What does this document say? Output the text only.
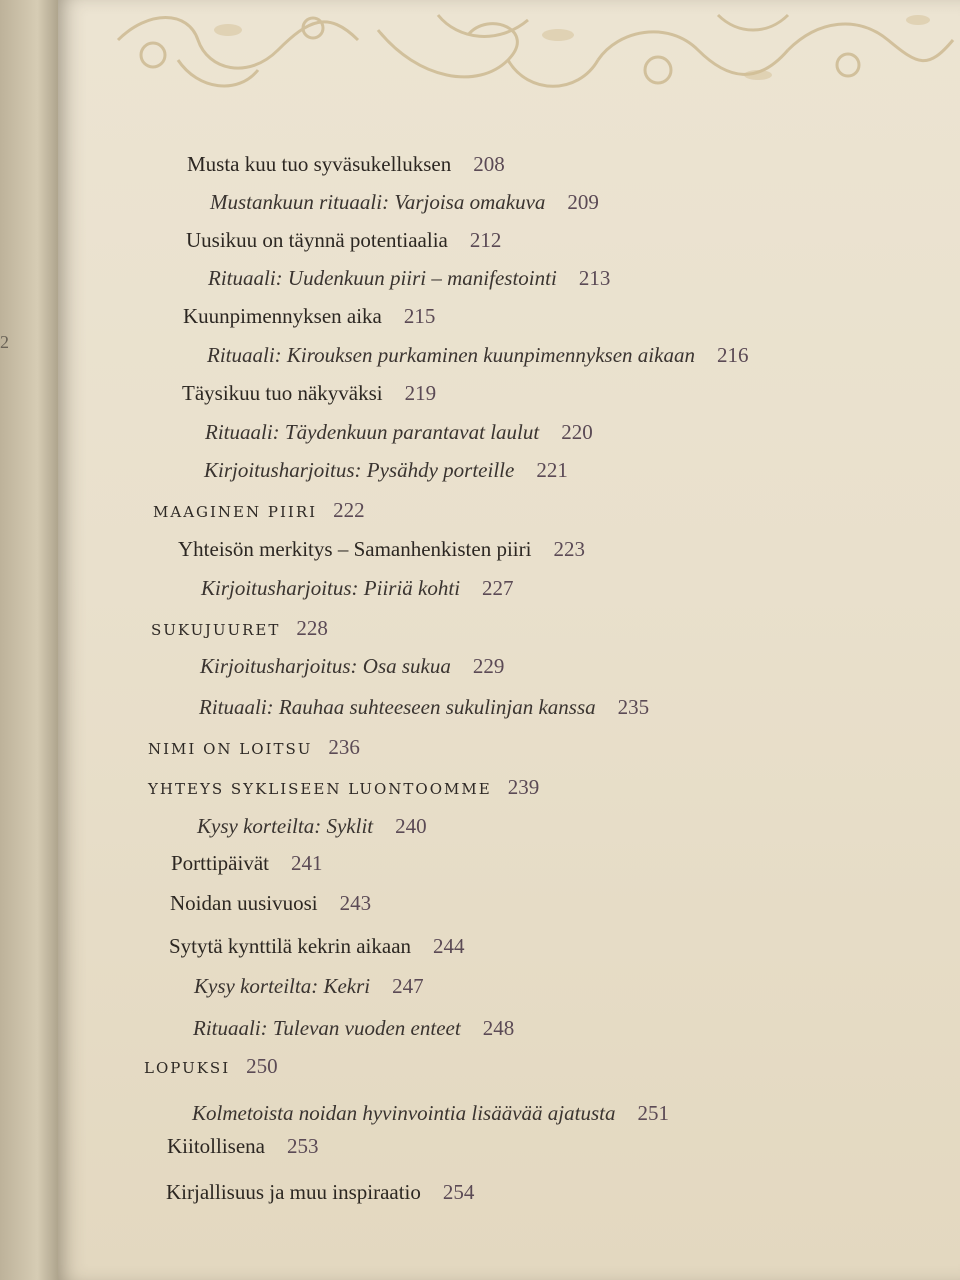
2
Musta kuu tuo syväsukelluksen 208
Mustankuun rituaali: Varjoisa omakuva 209
Uusikuu on täynnä potentiaalia 212
Rituaali: Uudenkuun piiri – manifestointi 213
Kuunpimennyksen aika 215
Rituaali: Kirouksen purkaminen kuunpimennyksen aikaan 216
Täysikuu tuo näkyväksi 219
Rituaali: Täydenkuun parantavat laulut 220
Kirjoitusharjoitus: Pysähdy porteille 221
MAAGINEN PIIRI 222
Yhteisön merkitys – Samanhenkisten piiri 223
Kirjoitusharjoitus: Piiriä kohti 227
SUKUJUURET 228
Kirjoitusharjoitus: Osa sukua 229
Rituaali: Rauhaa suhteeseen sukulinjan kanssa 235
NIMI ON LOITSU 236
YHTEYS SYKLISEEN LUONTOOMME 239
Kysy korteilta: Syklit 240
Porttipäivät 241
Noidan uusivuosi 243
Sytytä kynttilä kekrin aikaan 244
Kysy korteilta: Kekri 247
Rituaali: Tulevan vuoden enteet 248
LOPUKSI 250
Kolmetoista noidan hyvinvointia lisäävää ajatusta 251
Kiitollisena 253
Kirjallisuus ja muu inspiraatio 254
